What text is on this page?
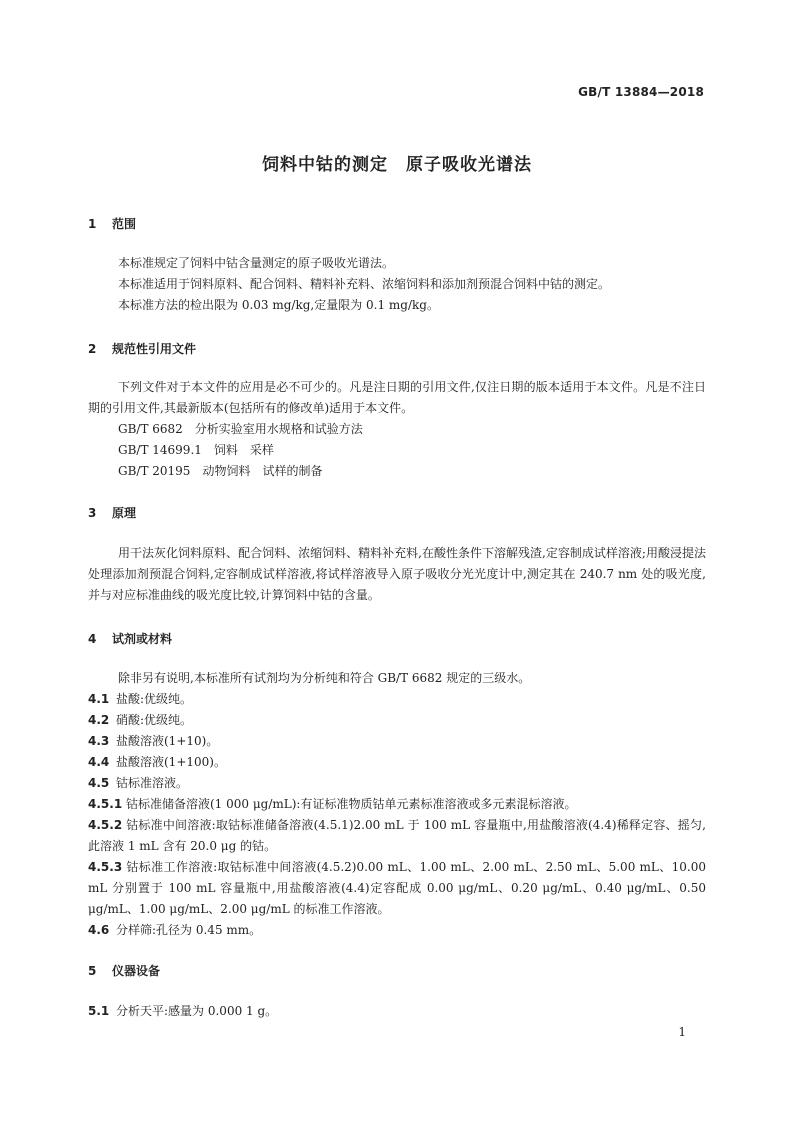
GB/T 13884—2018
饲料中钴的测定　原子吸收光谱法
1 范围
本标准规定了饲料中钴含量测定的原子吸收光谱法。
本标准适用于饲料原料、配合饲料、精料补充料、浓缩饲料和添加剂预混合饲料中钴的测定。
本标准方法的检出限为 0.03 mg/kg,定量限为 0.1 mg/kg。
2 规范性引用文件
下列文件对于本文件的应用是必不可少的。凡是注日期的引用文件,仅注日期的版本适用于本文件。凡是不注日期的引用文件,其最新版本(包括所有的修改单)适用于本文件。
GB/T 6682　分析实验室用水规格和试验方法
GB/T 14699.1　饲料　采样
GB/T 20195　动物饲料　试样的制备
3 原理
用干法灰化饲料原料、配合饲料、浓缩饲料、精料补充料,在酸性条件下溶解残渣,定容制成试样溶液;用酸浸提法处理添加剂预混合饲料,定容制成试样溶液,将试样溶液导入原子吸收分光光度计中,测定其在 240.7 nm 处的吸光度,并与对应标准曲线的吸光度比较,计算饲料中钴的含量。
4 试剂或材料
除非另有说明,本标准所有试剂均为分析纯和符合 GB/T 6682 规定的三级水。
4.1 盐酸:优级纯。
4.2 硝酸:优级纯。
4.3 盐酸溶液(1+10)。
4.4 盐酸溶液(1+100)。
4.5 钴标准溶液。
4.5.1 钴标准储备溶液(1 000 μg/mL):有证标准物质钴单元素标准溶液或多元素混标溶液。
4.5.2 钴标准中间溶液:取钴标准储备溶液(4.5.1)2.00 mL 于 100 mL 容量瓶中,用盐酸溶液(4.4)稀释定容、摇匀,此溶液 1 mL 含有 20.0 μg 的钴。
4.5.3 钴标准工作溶液:取钴标准中间溶液(4.5.2)0.00 mL、1.00 mL、2.00 mL、2.50 mL、5.00 mL、10.00 mL 分别置于 100 mL 容量瓶中,用盐酸溶液(4.4)定容配成 0.00 μg/mL、0.20 μg/mL、0.40 μg/mL、0.50 μg/mL、1.00 μg/mL、2.00 μg/mL 的标准工作溶液。
4.6 分样筛:孔径为 0.45 mm。
5 仪器设备
5.1 分析天平:感量为 0.000 1 g。
1
